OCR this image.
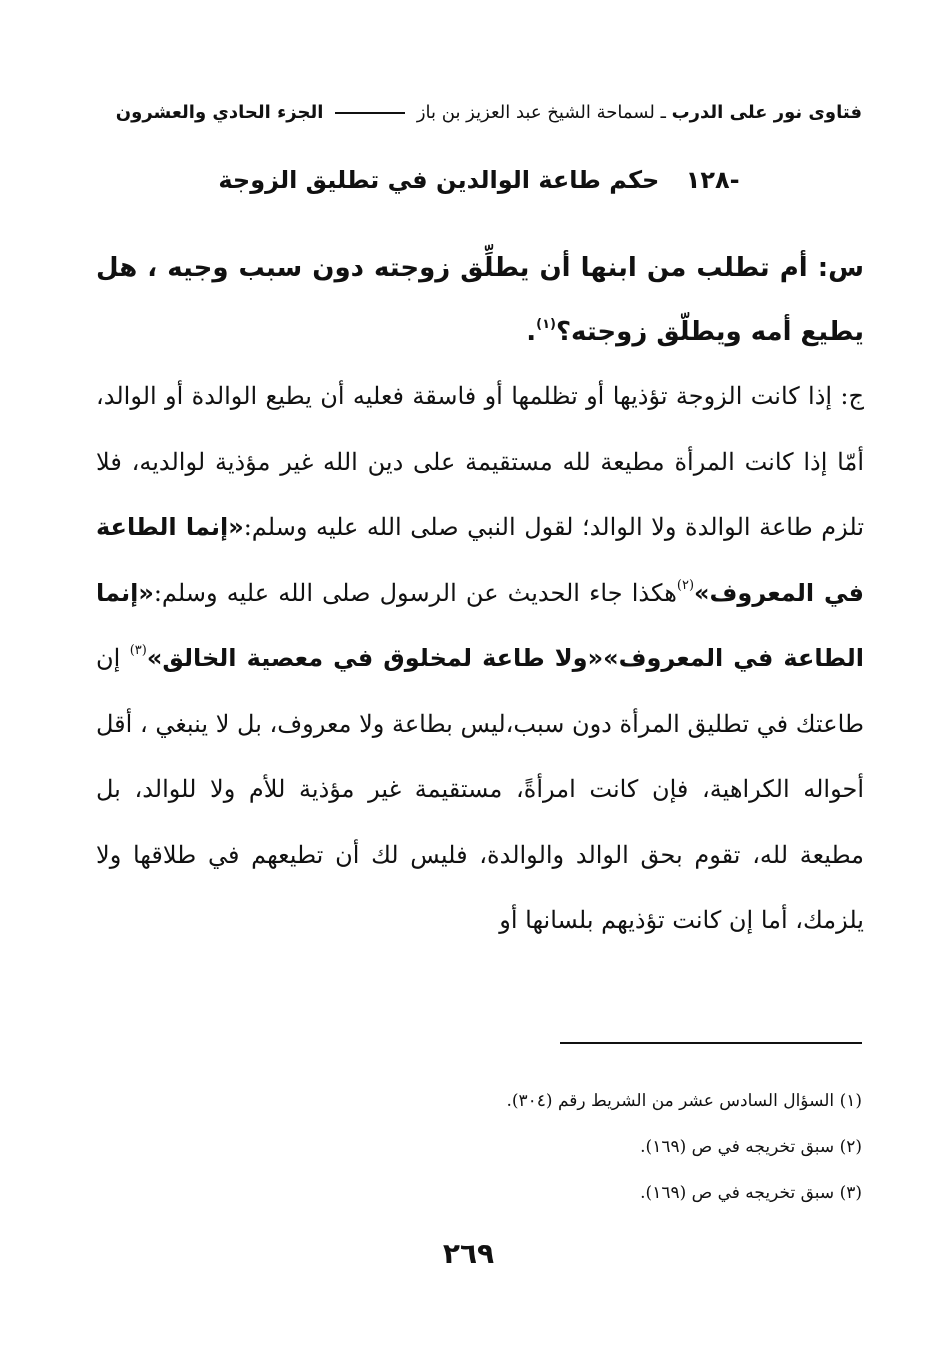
فتاوى نور على الدرب ـ لسماحة الشيخ عبد العزيز بن باز  الجزء الحادي والعشرون
-١٢٨ حكم طاعة الوالدين في تطليق الزوجة
س: أم تطلب من ابنها أن يطلِّق زوجته دون سبب وجيه ، هل يطيع أمه ويطلّق زوجته؟$^{(١)}$.
ج: إذا كانت الزوجة تؤذيها أو تظلمها أو فاسقة فعليه أن يطيع الوالدة أو الوالد، أمّا إذا كانت المرأة مطيعة لله مستقيمة على دين الله غير مؤذية لوالديه، فلا تلزم طاعة الوالدة ولا الوالد؛ لقول النبي صلى الله عليه وسلم:«إنما الطاعة في المعروف»$^{(٢)}$هكذا جاء الحديث عن الرسول صلى الله عليه وسلم:«إنما الطاعة في المعروف»«ولا طاعة لمخلوق في معصية الخالق»$^{(٣)}$ إن طاعتك في تطليق المرأة دون سبب،ليس بطاعة ولا معروف، بل لا ينبغي ، أقل أحواله الكراهية، فإن كانت امرأةً، مستقيمة غير مؤذية للأم ولا للوالد، بل مطيعة لله، تقوم بحق الوالد والوالدة، فليس لك أن تطيعهم في طلاقها ولا يلزمك، أما إن كانت تؤذيهم بلسانها أو
(١) السؤال السادس عشر من الشريط رقم (٣٠٤).
(٢) سبق تخريجه في ص (١٦٩).
(٣) سبق تخريجه في ص (١٦٩).
٢٦٩
